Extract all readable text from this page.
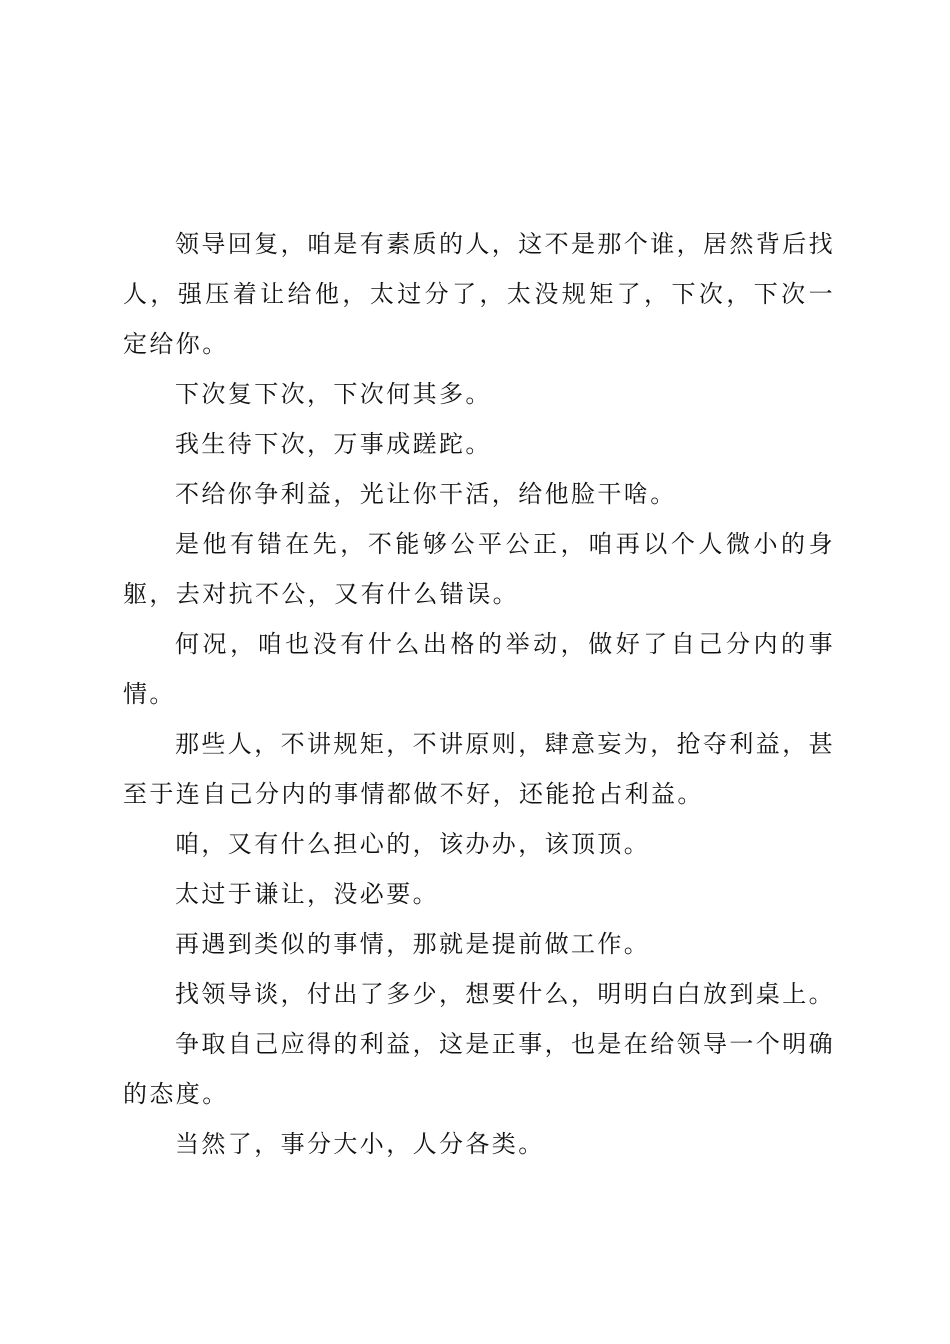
领导回复，咱是有素质的人，这不是那个谁，居然背后找人，强压着让给他，太过分了，太没规矩了，下次，下次一定给你。

下次复下次，下次何其多。

我生待下次，万事成蹉跎。

不给你争利益，光让你干活，给他脸干啥。

是他有错在先，不能够公平公正，咱再以个人微小的身躯，去对抗不公，又有什么错误。

何况，咱也没有什么出格的举动，做好了自己分内的事情。

那些人，不讲规矩，不讲原则，肆意妄为，抢夺利益，甚至于连自己分内的事情都做不好，还能抢占利益。

咱，又有什么担心的，该办办，该顶顶。

太过于谦让，没必要。

再遇到类似的事情，那就是提前做工作。

找领导谈，付出了多少，想要什么，明明白白放到桌上。

争取自己应得的利益，这是正事，也是在给领导一个明确的态度。

当然了，事分大小，人分各类。
